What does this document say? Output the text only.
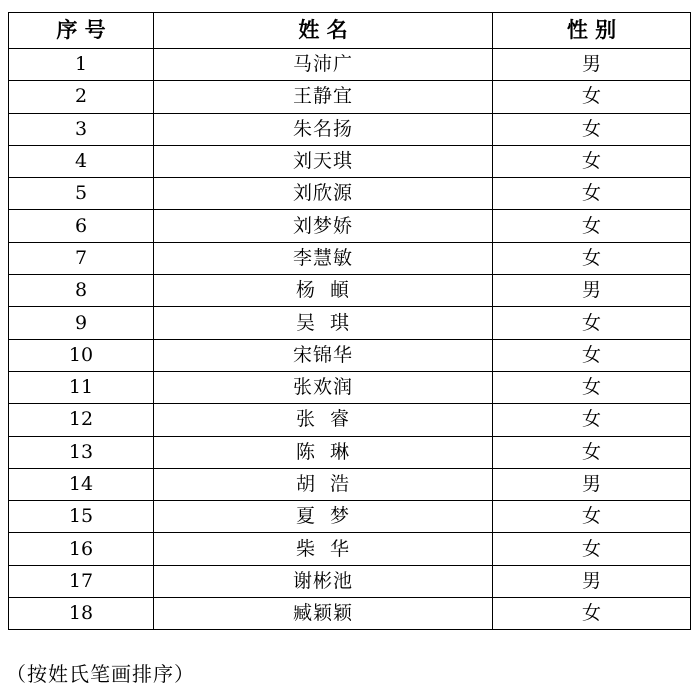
序 号	姓 名	性 别
1	马沛广	男
2	王静宜	女
3	朱名扬	女
4	刘天琪	女
5	刘欣源	女
6	刘梦娇	女
7	李慧敏	女
8	杨  頔	男
9	吴  琪	女
10	宋锦华	女
11	张欢润	女
12	张  睿	女
13	陈  琳	女
14	胡  浩	男
15	夏  梦	女
16	柴  华	女
17	谢彬池	男
18	臧颖颖	女
（按姓氏笔画排序）
